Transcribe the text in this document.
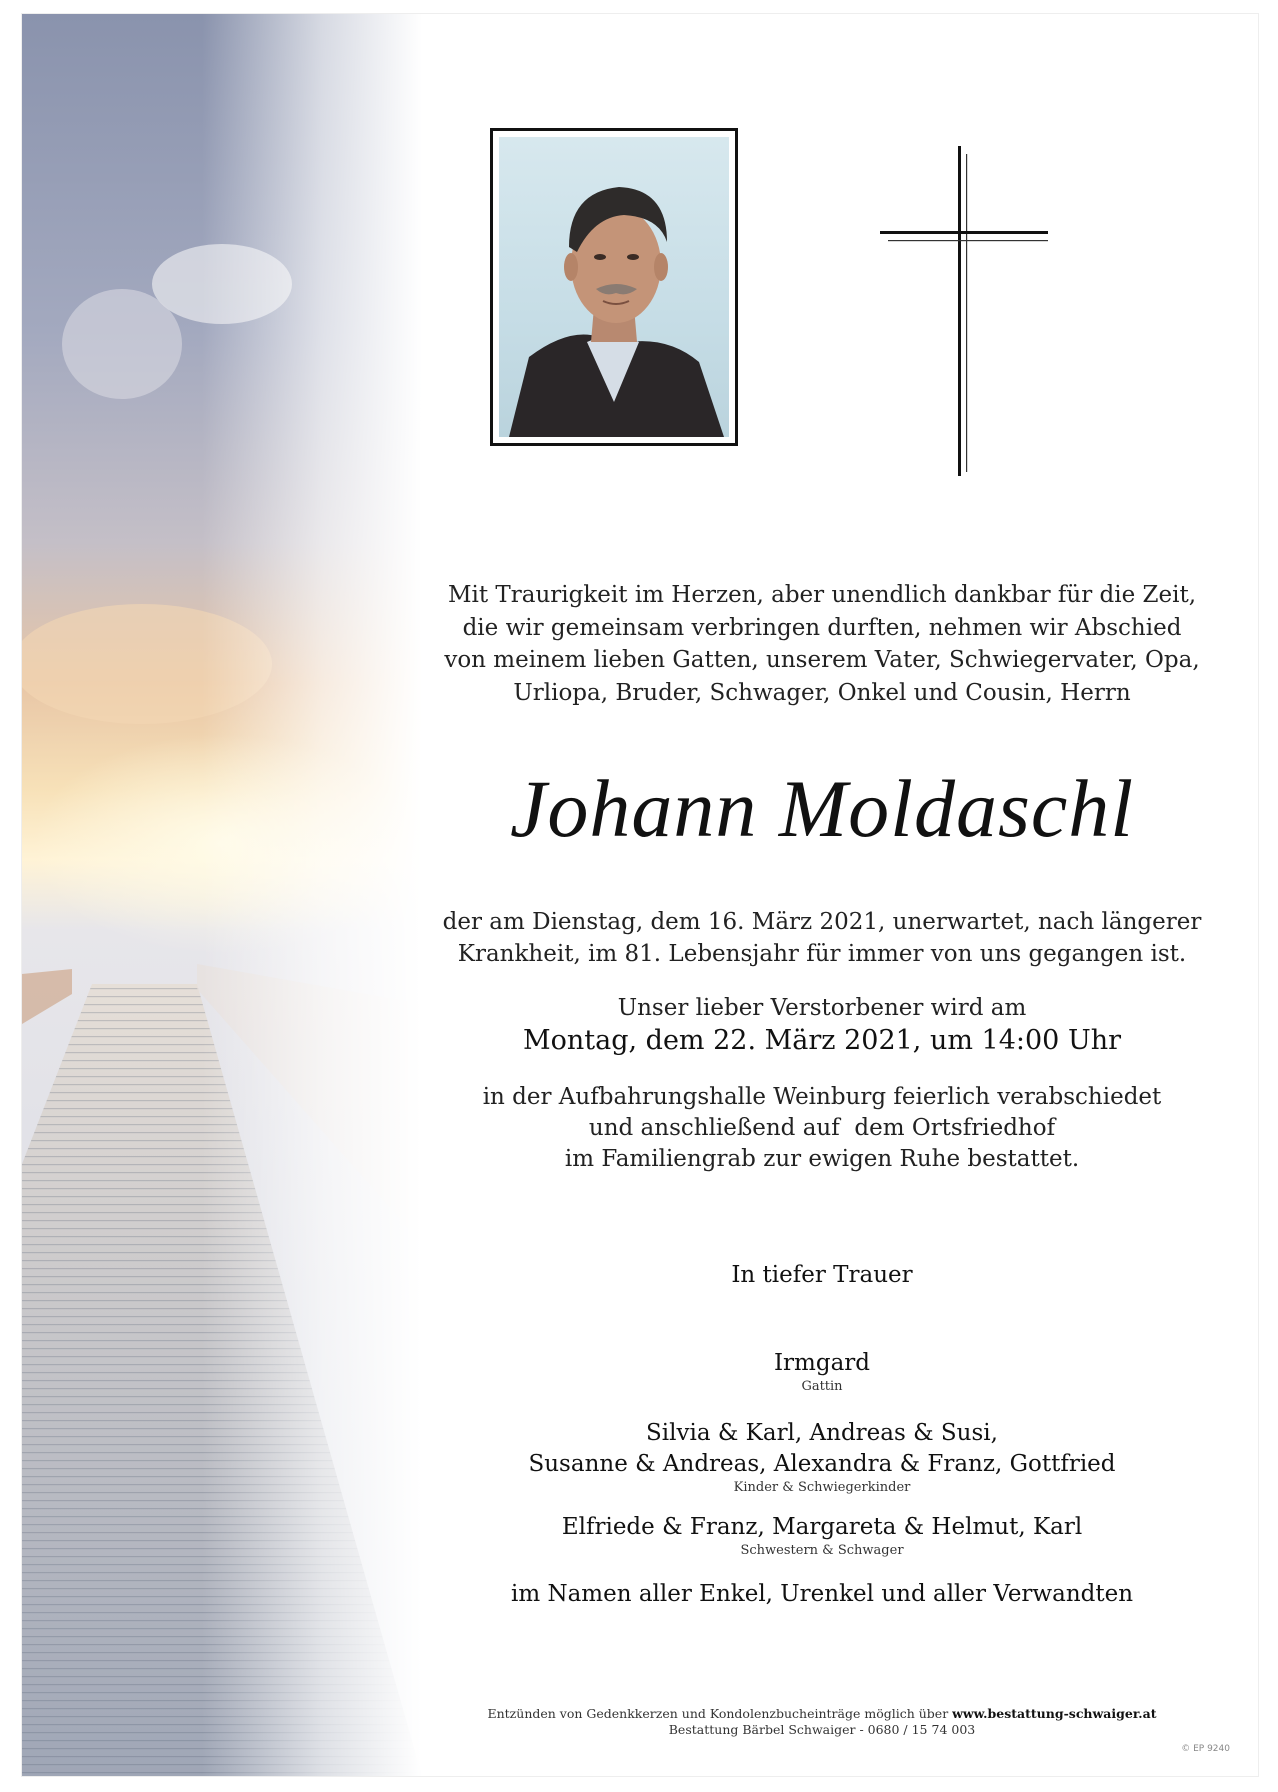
Mit Traurigkeit im Herzen, aber unendlich dankbar für die Zeit,
die wir gemeinsam verbringen durften, nehmen wir Abschied
von meinem lieben Gatten, unserem Vater, Schwiegervater, Opa,
Urliopa, Bruder, Schwager, Onkel und Cousin, Herrn
Johann Moldaschl
der am Dienstag, dem 16. März 2021, unerwartet, nach längerer
Krankheit, im 81. Lebensjahr für immer von uns gegangen ist.
Unser lieber Verstorbener wird am
Montag, dem 22. März 2021, um 14:00 Uhr
in der Aufbahrungshalle Weinburg feierlich verabschiedet
und anschließend auf  dem Ortsfriedhof
im Familiengrab zur ewigen Ruhe bestattet.
In tiefer Trauer
Irmgard
Gattin
Silvia & Karl, Andreas & Susi,
Susanne & Andreas, Alexandra & Franz, Gottfried
Kinder & Schwiegerkinder
Elfriede & Franz, Margareta & Helmut, Karl
Schwestern & Schwager
im Namen aller Enkel, Urenkel und aller Verwandten
Entzünden von Gedenkkerzen und Kondolenzbucheinträge möglich über www.bestattung-schwaiger.at
Bestattung Bärbel Schwaiger - 0680 / 15 74 003
© EP 9240
